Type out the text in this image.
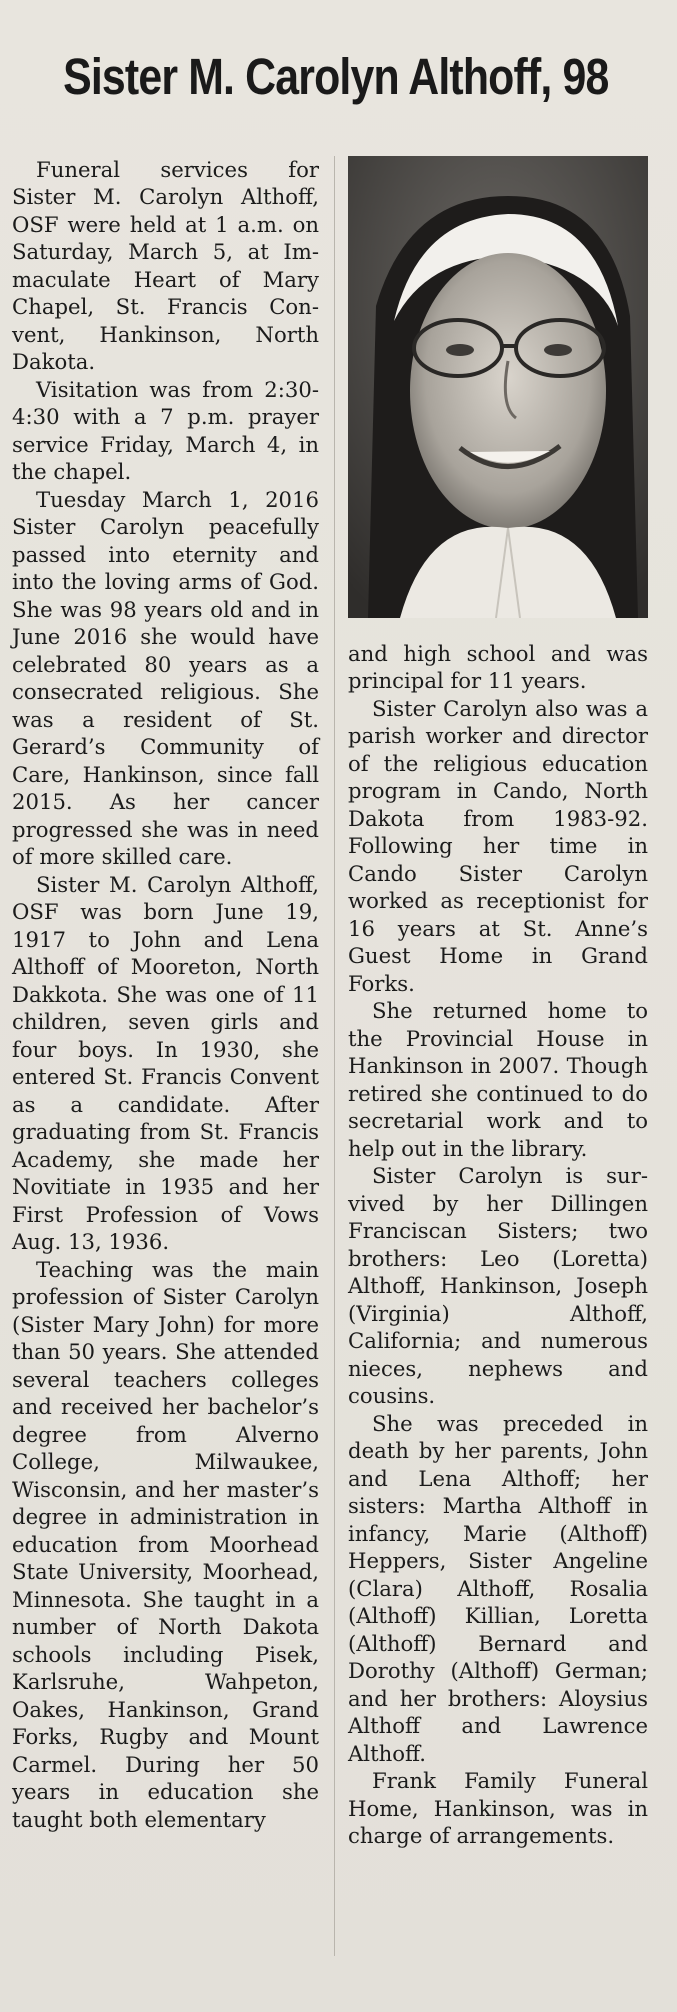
Sister M. Carolyn Althoff, 98

Funeral services for Sister M. Carolyn Althoff, OSF were held at 1 a.m. on Saturday, March 5, at Immaculate Heart of Mary Chapel, St. Francis Convent, Hankinson, North Dakota.

Visitation was from 2:30-4:30 with a 7 p.m. prayer service Friday, March 4, in the chapel.

Tuesday March 1, 2016 Sister Carolyn peacefully passed into eternity and into the loving arms of God. She was 98 years old and in June 2016 she would have celebrated 80 years as a consecrated religious. She was a resident of St. Gerard’s Community of Care, Hankinson, since fall 2015. As her cancer progressed she was in need of more skilled care.

Sister M. Carolyn Althoff, OSF was born June 19, 1917 to John and Lena Althoff of Mooreton, North Dakkota. She was one of 11 children, seven girls and four boys. In 1930, she entered St. Francis Convent as a candidate. After graduating from St. Francis Academy, she made her Novitiate in 1935 and her First Profession of Vows Aug. 13, 1936.

Teaching was the main profession of Sister Carolyn (Sister Mary John) for more than 50 years. She attended several teachers colleges and received her bachelor’s degree from Alverno College, Milwaukee, Wisconsin, and her master’s degree in administration in education from Moorhead State University, Moorhead, Minnesota. She taught in a number of North Dakota schools including Pisek, Karlsruhe, Wahpeton, Oakes, Hankinson, Grand Forks, Rugby and Mount Carmel. During her 50 years in education she taught both elementary

and high school and was principal for 11 years.

Sister Carolyn also was a parish worker and director of the religious education program in Cando, North Dakota from 1983-92. Following her time in Cando Sister Carolyn worked as receptionist for 16 years at St. Anne’s Guest Home in Grand Forks.

She returned home to the Provincial House in Hankinson in 2007. Though retired she continued to do secretarial work and to help out in the library.

Sister Carolyn is survived by her Dillingen Franciscan Sisters; two brothers: Leo (Loretta) Althoff, Hankinson, Joseph (Virginia) Althoff, California; and numerous nieces, nephews and cousins.

She was preceded in death by her parents, John and Lena Althoff; her sisters: Martha Althoff in infancy, Marie (Althoff) Heppers, Sister Angeline (Clara) Althoff, Rosalia (Althoff) Killian, Loretta (Althoff) Bernard and Dorothy (Althoff) German; and her brothers: Aloysius Althoff and Lawrence Althoff.

Frank Family Funeral Home, Hankinson, was in charge of arrangements.
